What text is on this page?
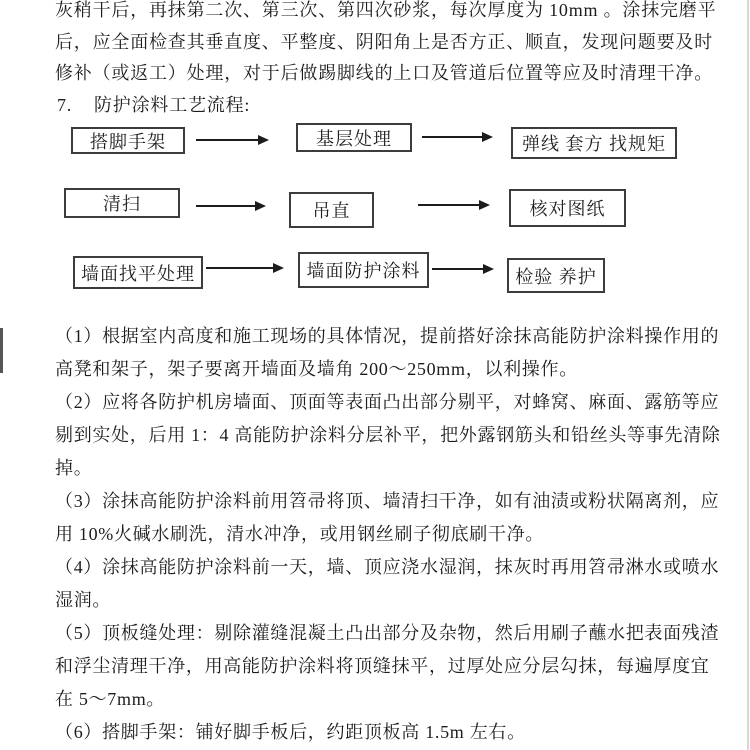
灰稍干后，再抹第二次、第三次、第四次砂浆，每次厚度为 10mm 。涂抹完磨平
后，应全面检查其垂直度、平整度、阴阳角上是否方正、顺直，发现问题要及时
修补（或返工）处理，对于后做踢脚线的上口及管道后位置等应及时清理干净。
7. 防护涂料工艺流程:
搭脚手架	基层处理	弹线 套方 找规矩
清扫	吊直	核对图纸
墙面找平处理	墙面防护涂料	检验 养护
（1）根据室内高度和施工现场的具体情况，提前搭好涂抹高能防护涂料操作用的
高凳和架子，架子要离开墙面及墙角 200～250mm，以利操作。
（2）应将各防护机房墙面、顶面等表面凸出部分剔平，对蜂窝、麻面、露筋等应
剔到实处，后用 1：4 高能防护涂料分层补平，把外露钢筋头和铅丝头等事先清除
掉。
（3）涂抹高能防护涂料前用笤帚将顶、墙清扫干净，如有油渍或粉状隔离剂，应
用 10%火碱水刷洗，清水冲净，或用钢丝刷子彻底刷干净。
（4）涂抹高能防护涂料前一天，墙、顶应浇水湿润，抹灰时再用笤帚淋水或喷水
湿润。
（5）顶板缝处理：剔除灌缝混凝土凸出部分及杂物，然后用刷子蘸水把表面残渣
和浮尘清理干净，用高能防护涂料将顶缝抹平，过厚处应分层勾抹，每遍厚度宜
在 5～7mm。
（6）搭脚手架：铺好脚手板后，约距顶板高 1.5m 左右。
